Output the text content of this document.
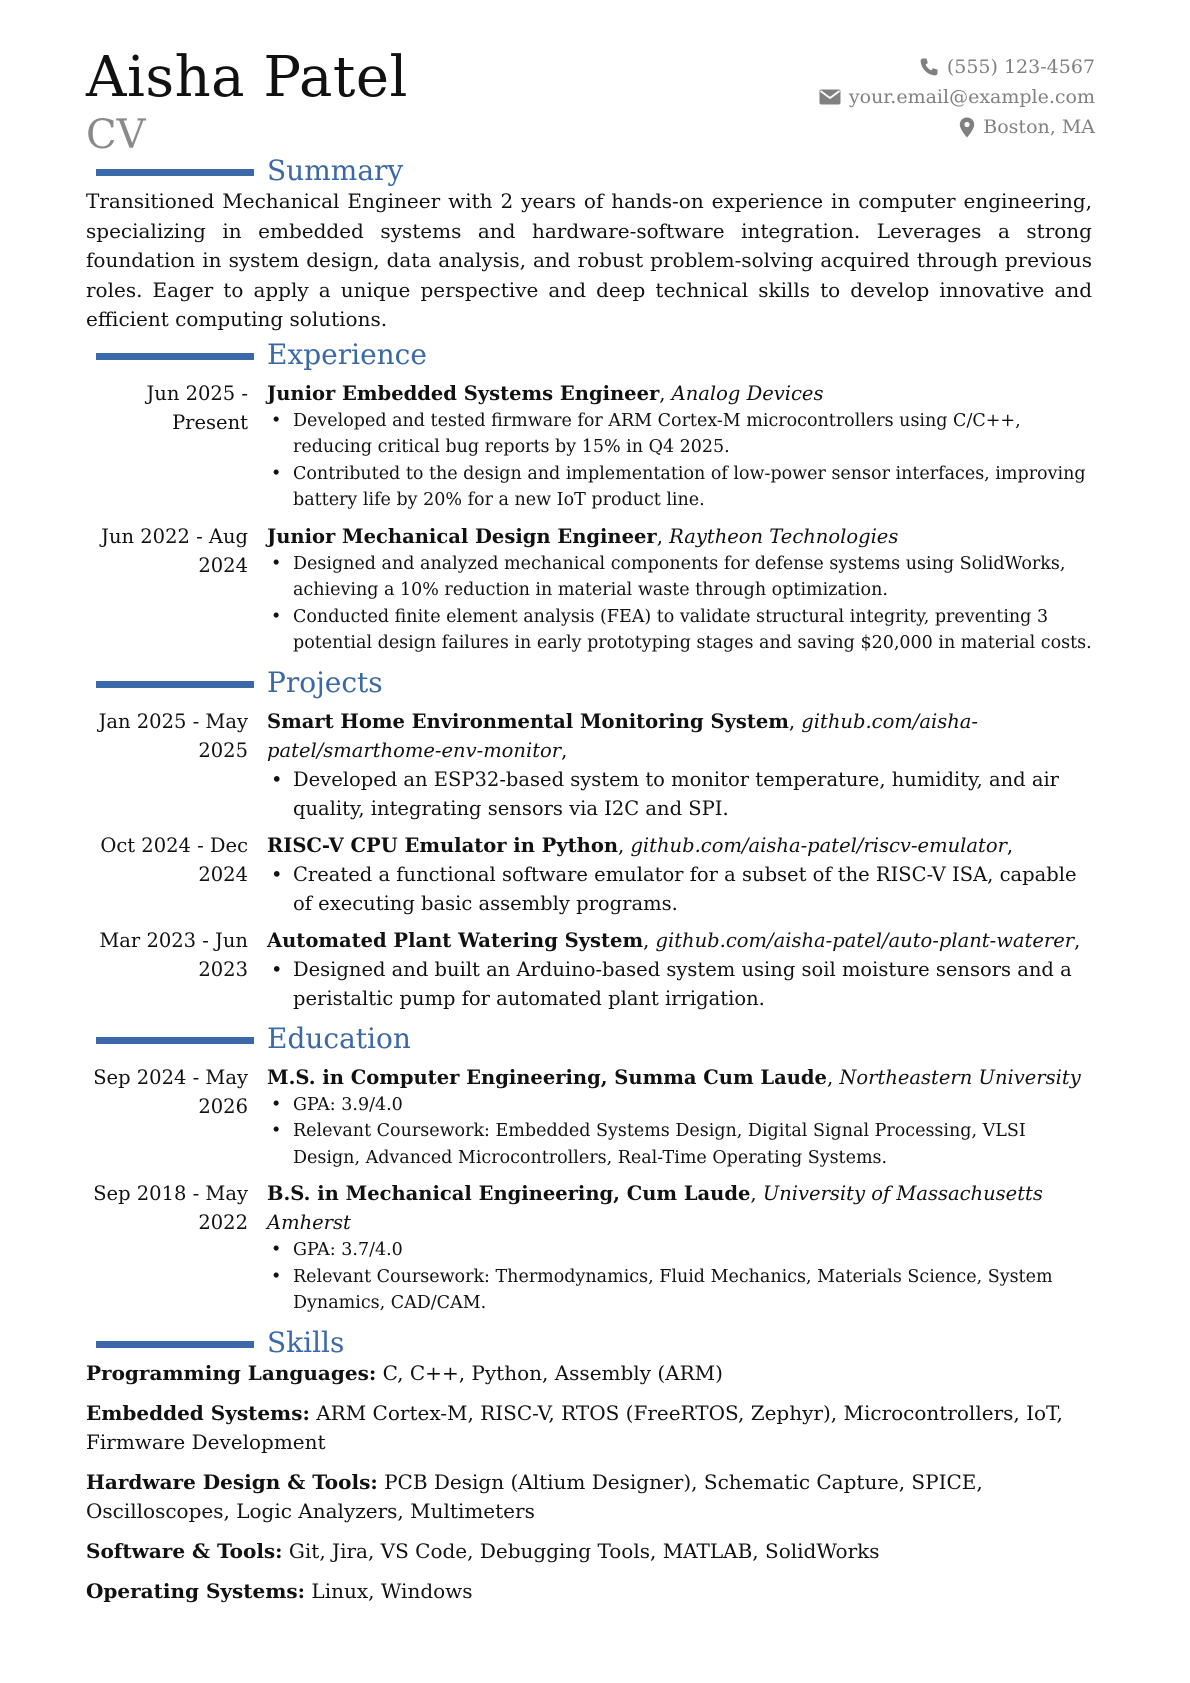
Aisha Patel
CV
(555) 123-4567
your.email@example.com
Boston, MA
Summary

Transitioned Mechanical Engineer with 2 years of hands-on experience in computer engineering, specializing in embedded systems and hardware-software integration. Leverages a strong foundation in system design, data analysis, and robust problem-solving acquired through previous roles. Eager to apply a unique perspective and deep technical skills to develop innovative and efficient computing solutions.

Experience
Jun 2025 - Present
Junior Embedded Systems Engineer, Analog Devices
• Developed and tested firmware for ARM Cortex-M microcontrollers using C/C++, reducing critical bug reports by 15% in Q4 2025.
• Contributed to the design and implementation of low-power sensor interfaces, improving battery life by 20% for a new IoT product line.
Jun 2022 - Aug 2024
Junior Mechanical Design Engineer, Raytheon Technologies
• Designed and analyzed mechanical components for defense systems using SolidWorks, achieving a 10% reduction in material waste through optimization.
• Conducted finite element analysis (FEA) to validate structural integrity, preventing 3 potential design failures in early prototyping stages and saving $20,000 in material costs.
Projects
Jan 2025 - May 2025
Smart Home Environmental Monitoring System, github.com/aisha-patel/smarthome-env-monitor,
• Developed an ESP32-based system to monitor temperature, humidity, and air quality, integrating sensors via I2C and SPI.
Oct 2024 - Dec 2024
RISC-V CPU Emulator in Python, github.com/aisha-patel/riscv-emulator,
• Created a functional software emulator for a subset of the RISC-V ISA, capable of executing basic assembly programs.
Mar 2023 - Jun 2023
Automated Plant Watering System, github.com/aisha-patel/auto-plant-waterer,
• Designed and built an Arduino-based system using soil moisture sensors and a peristaltic pump for automated plant irrigation.
Education
Sep 2024 - May 2026
M.S. in Computer Engineering, Summa Cum Laude, Northeastern University
• GPA: 3.9/4.0
• Relevant Coursework: Embedded Systems Design, Digital Signal Processing, VLSI Design, Advanced Microcontrollers, Real-Time Operating Systems.
Sep 2018 - May 2022
B.S. in Mechanical Engineering, Cum Laude, University of Massachusetts Amherst
• GPA: 3.7/4.0
• Relevant Coursework: Thermodynamics, Fluid Mechanics, Materials Science, System Dynamics, CAD/CAM.
Skills

Programming Languages: C, C++, Python, Assembly (ARM)

Embedded Systems: ARM Cortex-M, RISC-V, RTOS (FreeRTOS, Zephyr), Microcontrollers, IoT, Firmware Development

Hardware Design & Tools: PCB Design (Altium Designer), Schematic Capture, SPICE, Oscilloscopes, Logic Analyzers, Multimeters

Software & Tools: Git, Jira, VS Code, Debugging Tools, MATLAB, SolidWorks

Operating Systems: Linux, Windows
